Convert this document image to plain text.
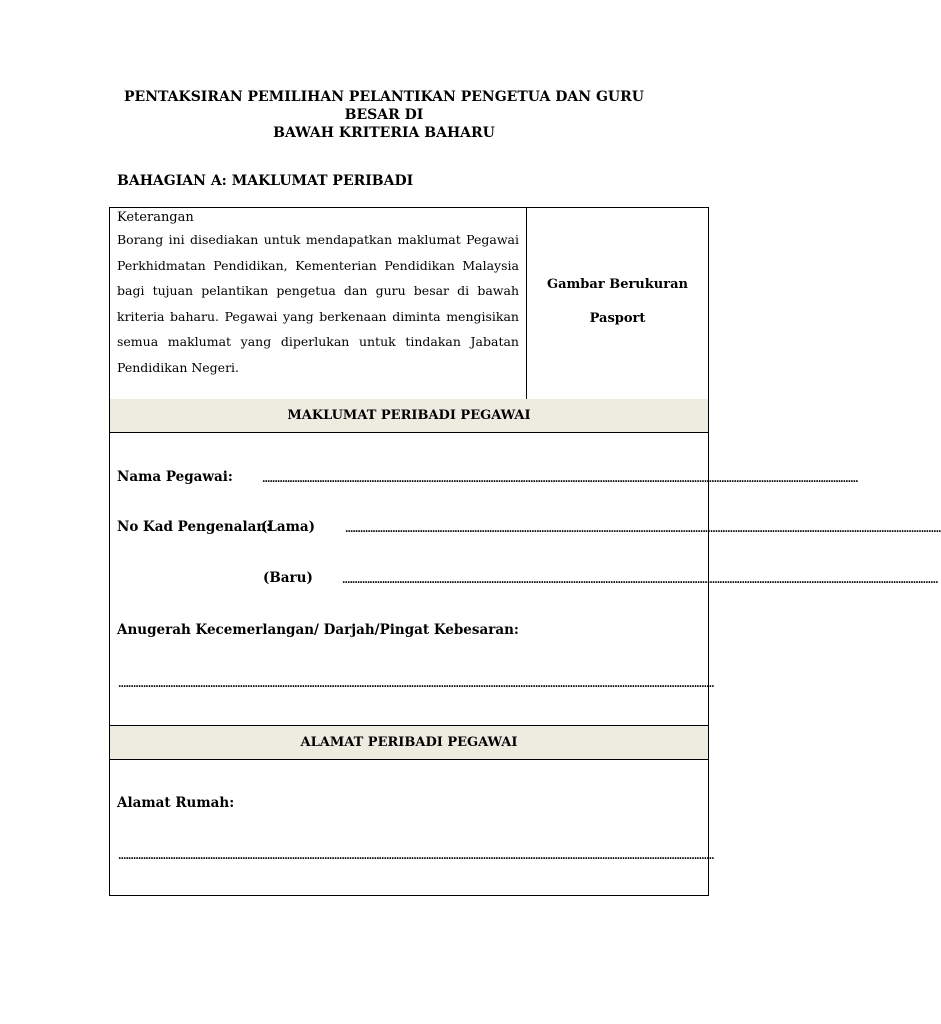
PENTAKSIRAN PEMILIHAN PELANTIKAN PENGETUA DAN GURU BESAR DI
BAWAH KRITERIA BAHARU
BAHAGIAN A: MAKLUMAT PERIBADI
Keterangan

Borang ini disediakan untuk mendapatkan maklumat Pegawai Perkhidmatan Pendidikan, Kementerian Pendidikan Malaysia bagi tujuan pelantikan pengetua dan guru besar di bawah kriteria baharu. Pegawai yang berkenaan diminta mengisikan semua maklumat yang diperlukan untuk tindakan Jabatan Pendidikan Negeri.

Gambar Berukuran
Pasport
MAKLUMAT PERIBADI PEGAWAI
Nama Pegawai:	................................................................................................................................................................................................................................................
No Kad Pengenalan:
(Lama)	................................................................................................................................................................................................................................................
(Baru)	................................................................................................................................................................................................................................................
Anugerah Kecemerlangan/ Darjah/Pingat Kebesaran:
................................................................................................................................................................................................................................................
ALAMAT PERIBADI PEGAWAI
Alamat Rumah:
................................................................................................................................................................................................................................................
